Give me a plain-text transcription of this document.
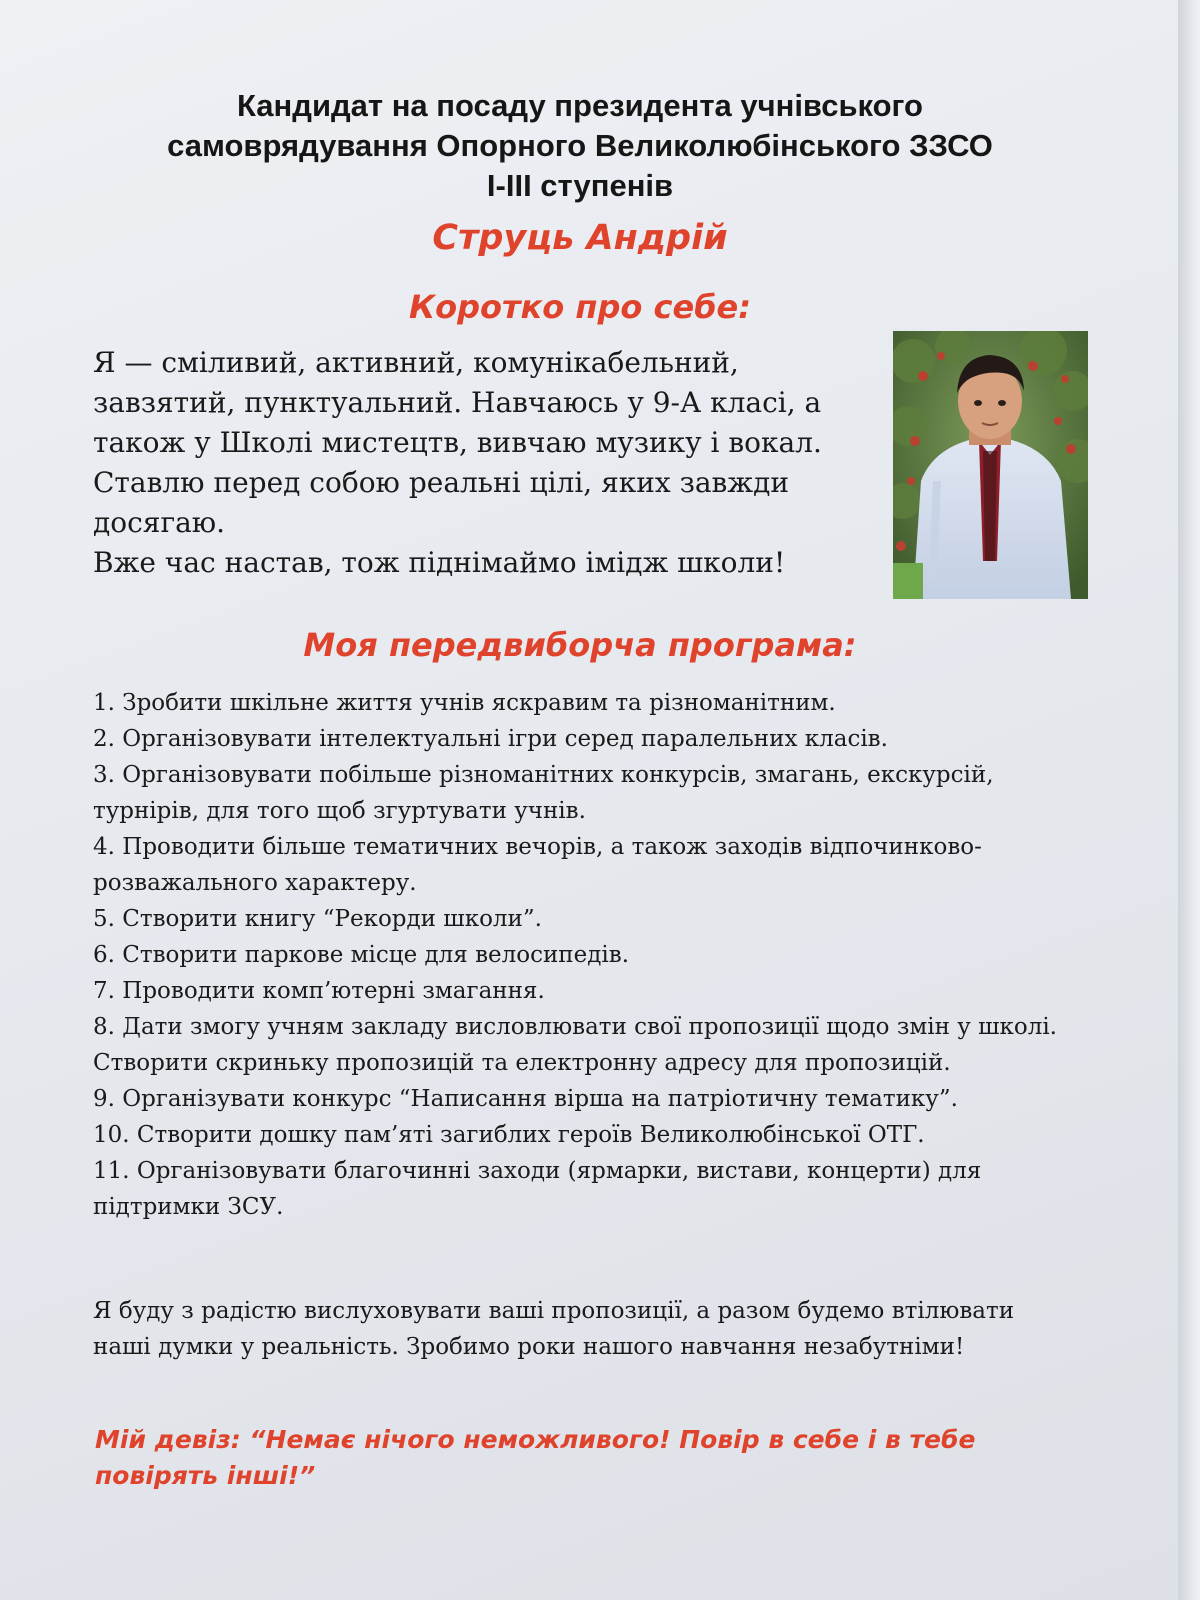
Кандидат на посаду президента учнівського
самоврядування Опорного Великолюбінського ЗЗСО
І-ІІІ ступенів
Струць Андрій
Коротко про себе:

Я — сміливий, активний, комунікабельний, завзятий, пунктуальний. Навчаюсь у 9-А класі, а також у Школі мистецтв, вивчаю музику і вокал. Ставлю перед собою реальні цілі, яких завжди досягаю.

Вже час настав, тож піднімаймо імідж школи!

Моя передвиборча програма:
1. Зробити шкільне життя учнів яскравим та різноманітним.
2. Організовувати інтелектуальні ігри серед паралельних класів.
3. Організовувати побільше різноманітних конкурсів, змагань, екскурсій, турнірів, для того щоб згуртувати учнів.
4. Проводити більше тематичних вечорів, а також заходів відпочинково-розважального характеру.
5. Створити книгу “Рекорди школи”.
6. Створити паркове місце для велосипедів.
7. Проводити комп’ютерні змагання.
8. Дати змогу учням закладу висловлювати свої пропозиції щодо змін у школі. Створити скриньку пропозицій та електронну адресу для пропозицій.
9. Організувати конкурс “Написання вірша на патріотичну тематику”.
10. Створити дошку пам’яті загиблих героїв Великолюбінської ОТГ.
11. Організовувати благочинні заходи (ярмарки, вистави, концерти) для підтримки ЗСУ.

Я буду з радістю вислуховувати ваші пропозиції, а разом будемо втілювати наші думки у реальність. Зробимо роки нашого навчання незабутніми!

Мій девіз: “Немає нічого неможливого! Повір в себе і в тебе повірять інші!”
